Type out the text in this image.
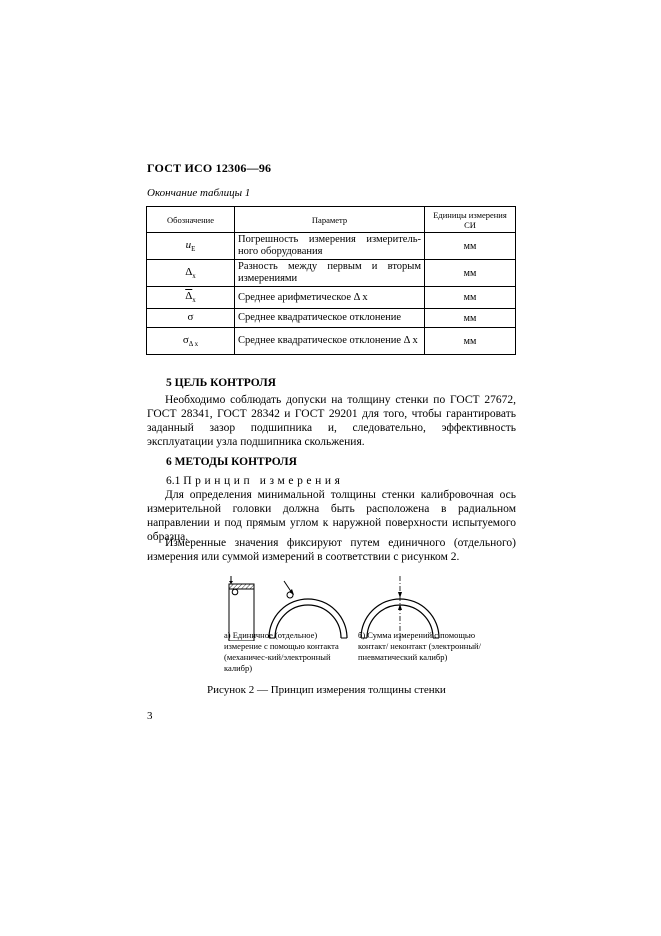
ГОСТ ИСО 12306—96
Окончание таблицы 1
Обозначение	Параметр	Единицы измерения СИ
$u_E$	Погрешность измерения измеритель-ного оборудования	мм
$\Delta_x$	Разность между первым и вторым измерениями	мм
$\overline{\Delta}_x$	Среднее арифметическое Δ x	мм
σ	Среднее квадратическое отклонение	мм
$\sigma_{\Delta x}$	Среднее квадратическое отклонение Δ x	мм
5 ЦЕЛЬ КОНТРОЛЯ

Необходимо соблюдать допуски на толщину стенки по ГОСТ 27672, ГОСТ 28341, ГОСТ 28342 и ГОСТ 29201 для того, чтобы гарантировать заданный зазор подшипника и, следовательно, эффективность эксплуатации узла подшипника скольжения.

6 МЕТОДЫ КОНТРОЛЯ
6.1 Принцип измерения

Для определения минимальной толщины стенки калибровочная ось измерительной головки должна быть расположена в радиальном направлении и под прямым углом к наружной поверхности испытуемого образца.

Измеренные значения фиксируют путем единичного (отдельного) измерения или суммой измерений в соответствии с рисунком 2.

а) Единичное (отдельное) измерение с помощью контакта (механичес-кий/электронный калибр)
б) Сумма измерений с помощью контакт/ неконтакт (электронный/ пневматический калибр)
Рисунок 2 — Принцип измерения толщины стенки
3
